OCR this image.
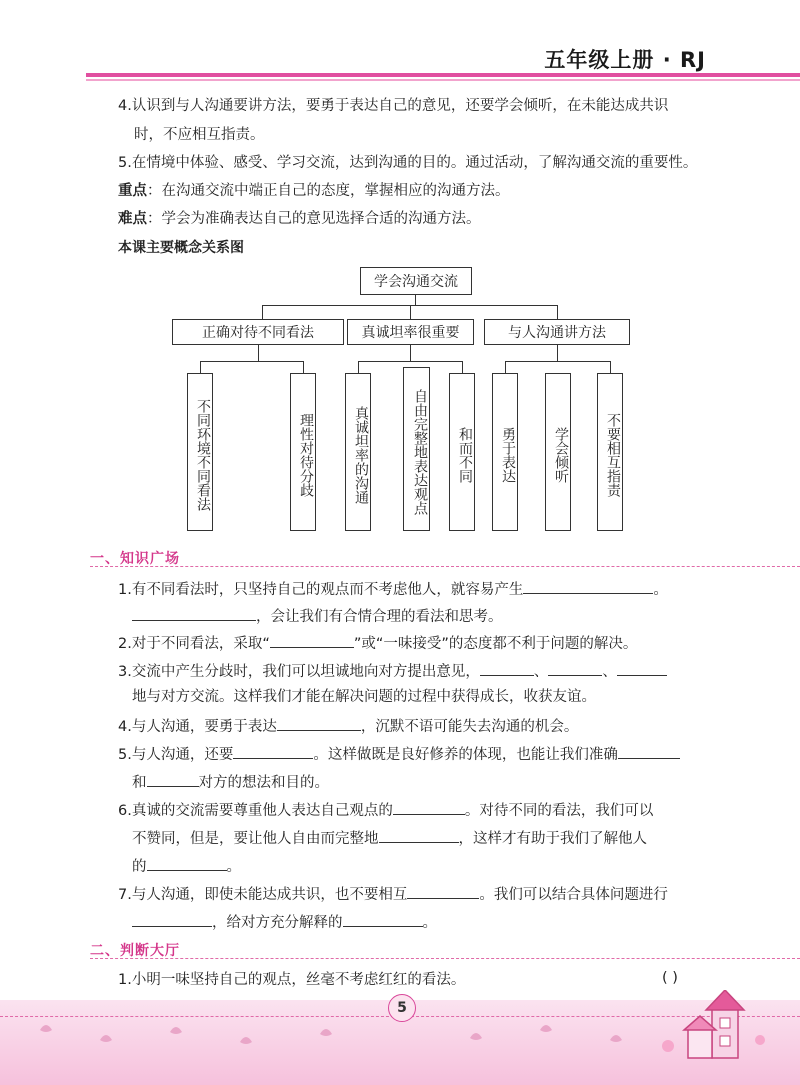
五年级上册 · RJ
4.认识到与人沟通要讲方法，要勇于表达自己的意见，还要学会倾听，在未能达成共识
时，不应相互指责。
5.在情境中体验、感受、学习交流，达到沟通的目的。通过活动，了解沟通交流的重要性。
重点：在沟通交流中端正自己的态度，掌握相应的沟通方法。
难点：学会为准确表达自己的意见选择合适的沟通方法。
本课主要概念关系图
学会沟通交流
正确对待不同看法	真诚坦率很重要	与人沟通讲方法
不同环境不同看法	理性对待分歧	真诚坦率的沟通	自由完整地表达观点	和而不同	勇于表达	学会倾听	不要相互指责
一、知识广场
1.有不同看法时，只坚持自己的观点而不考虑他人，就容易产生	。
，会让我们有合情合理的看法和思考。
2.对于不同看法，采取“	”或“一味接受”的态度都不利于问题的解决。
3.交流中产生分歧时，我们可以坦诚地向对方提出意见，	、	、
地与对方交流。这样我们才能在解决问题的过程中获得成长，收获友谊。
4.与人沟通，要勇于表达	，沉默不语可能失去沟通的机会。
5.与人沟通，还要	。这样做既是良好修养的体现，也能让我们准确
和	对方的想法和目的。
6.真诚的交流需要尊重他人表达自己观点的	。对待不同的看法，我们可以
不赞同，但是，要让他人自由而完整地	，这样才有助于我们了解他人
的	。
7.与人沟通，即使未能达成共识，也不要相互	。我们可以结合具体问题进行
，给对方充分解释的	。
二、判断大厅
1.小明一味坚持自己的观点，丝毫不考虑红红的看法。	( )
5
